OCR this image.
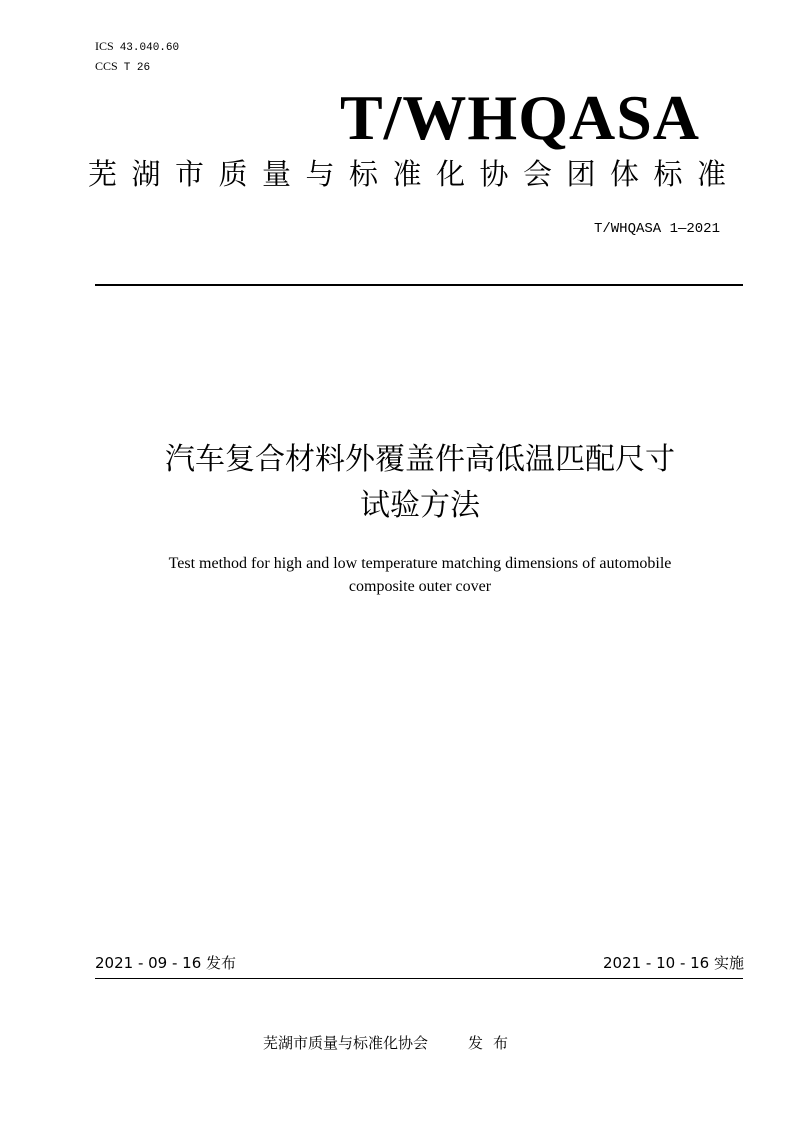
ICS 43.040.60
CCS T 26
T/WHQASA
芜湖市质量与标准化协会团体标准
T/WHQASA 1—2021
汽车复合材料外覆盖件高低温匹配尺寸
试验方法
Test method for high and low temperature matching dimensions of automobile
composite outer cover
2021 - 09 - 16 发布	2021 - 10 - 16 实施
芜湖市质量与标准化协会	发布
